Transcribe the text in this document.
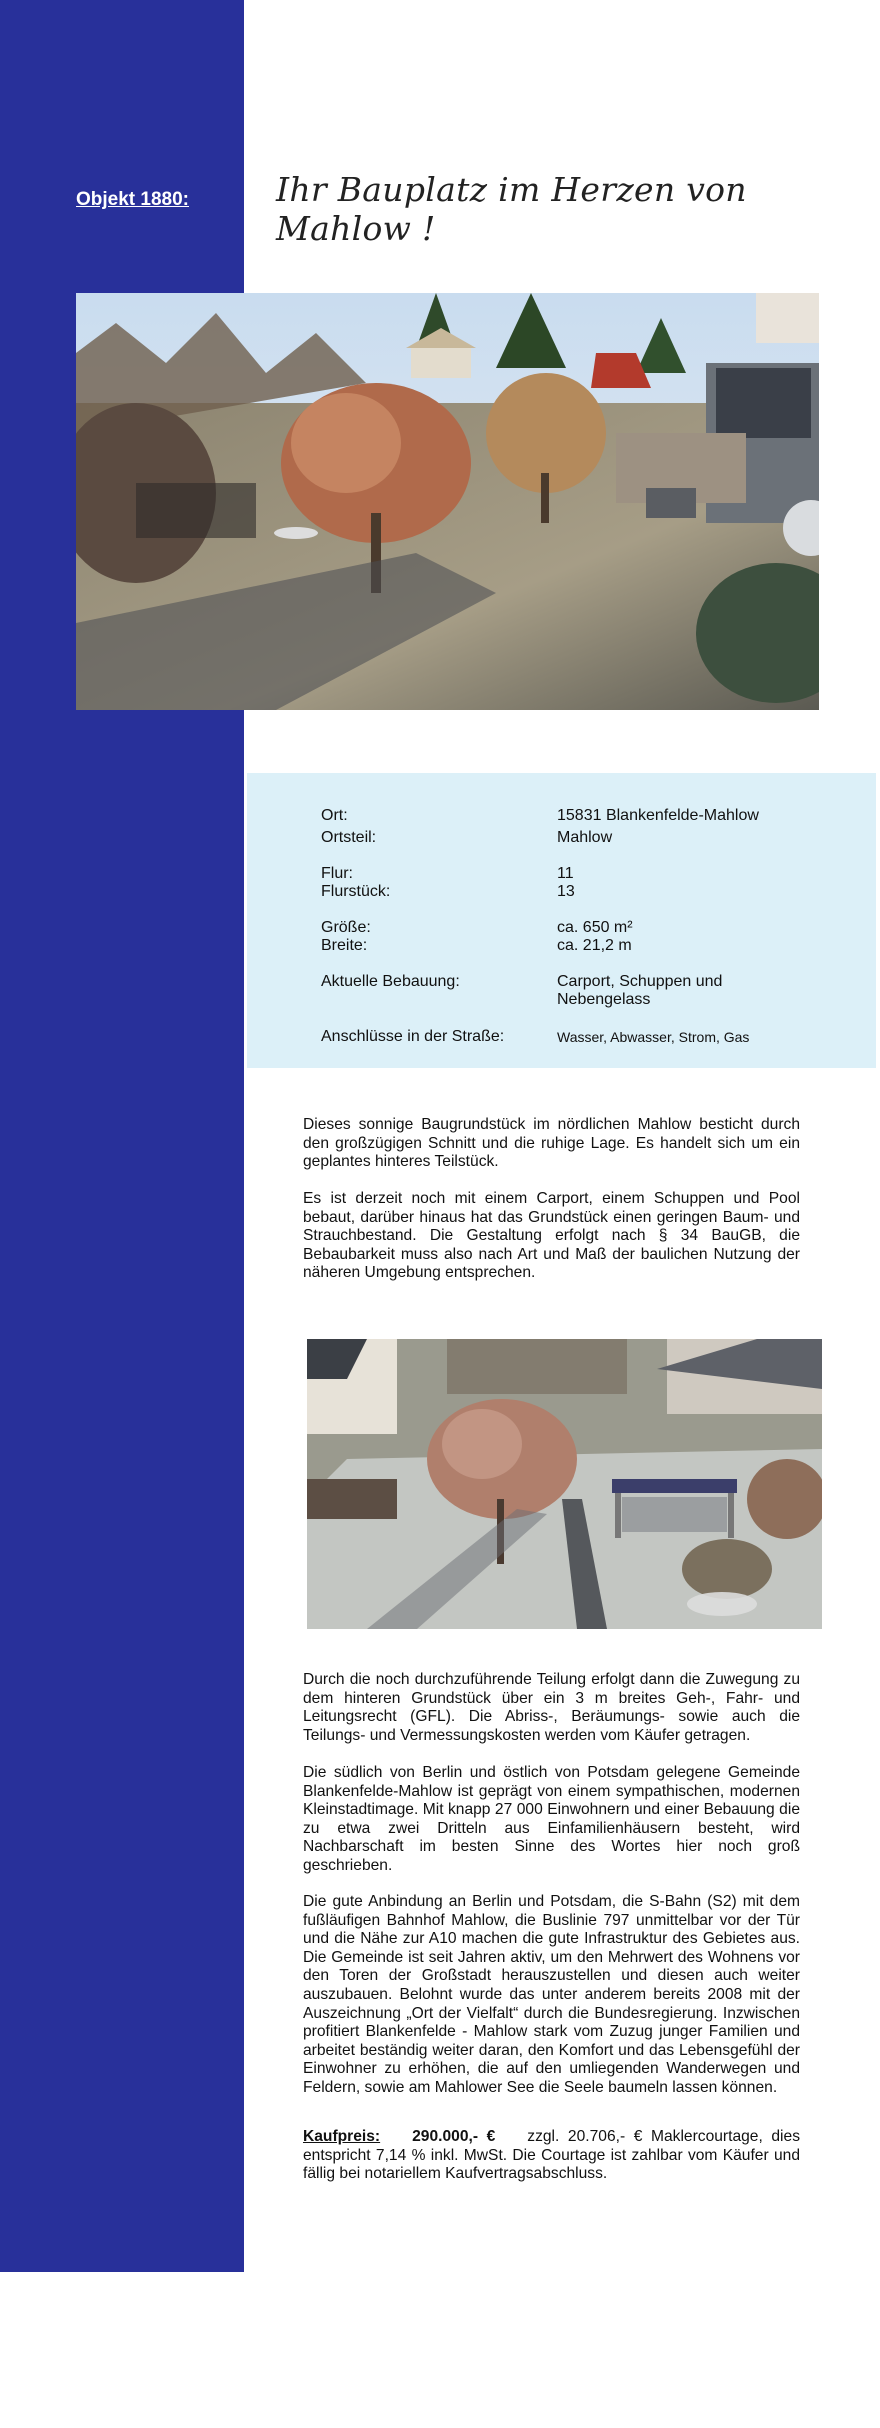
Objekt 1880:	Ihr Bauplatz im Herzen von Mahlow !
Ort:	15831 Blankenfelde-Mahlow
Ortsteil:	Mahlow
Flur:	11
Flurstück:	13
Größe:	ca. 650 m²
Breite:	ca. 21,2 m
Aktuelle Bebauung:	Carport, Schuppen und
Nebengelass
Anschlüsse in der Straße:	Wasser, Abwasser, Strom, Gas

Dieses sonnige Baugrundstück im nördlichen Mahlow besticht durch den großzügigen Schnitt und die ruhige Lage. Es handelt sich um ein geplantes hinteres Teilstück.

Es ist derzeit noch mit einem Carport, einem Schuppen und Pool bebaut, darüber hinaus hat das Grundstück einen geringen Baum- und Strauchbestand. Die Gestaltung erfolgt nach § 34 BauGB, die Bebaubarkeit muss also nach Art und Maß der baulichen Nutzung der näheren Umgebung entsprechen.

Durch die noch durchzuführende Teilung erfolgt dann die Zuwegung zu dem hinteren Grundstück über ein 3 m breites Geh-, Fahr- und Leitungsrecht (GFL). Die Abriss-, Beräumungs- sowie auch die Teilungs- und Vermessungskosten werden vom Käufer getragen.

Die südlich von Berlin und östlich von Potsdam gelegene Gemeinde Blankenfelde-Mahlow ist geprägt von einem sympathischen, modernen Kleinstadtimage. Mit knapp 27 000 Einwohnern und einer Bebauung die zu etwa zwei Dritteln aus Einfamilienhäusern besteht, wird Nachbarschaft im besten Sinne des Wortes hier noch groß geschrieben.

Die gute Anbindung an Berlin und Potsdam, die S-Bahn (S2) mit dem fußläufigen Bahnhof Mahlow, die Buslinie 797 unmittelbar vor der Tür und die Nähe zur A10 machen die gute Infrastruktur des Gebietes aus. Die Gemeinde ist seit Jahren aktiv, um den Mehrwert des Wohnens vor den Toren der Großstadt herauszustellen und diesen auch weiter auszubauen. Belohnt wurde das unter anderem bereits 2008 mit der Auszeichnung „Ort der Vielfalt“ durch die Bundesregierung. Inzwischen profitiert Blankenfelde - Mahlow stark vom Zuzug junger Familien und arbeitet beständig weiter daran, den Komfort und das Lebensgefühl der Einwohner zu erhöhen, die auf den umliegenden Wanderwegen und Feldern, sowie am Mahlower See die Seele baumeln lassen können.

Kaufpreis: 290.000,- € zzgl. 20.706,- € Maklercourtage, dies entspricht 7,14 % inkl. MwSt. Die Courtage ist zahlbar vom Käufer und fällig bei notariellem Kaufvertragsabschluss.
